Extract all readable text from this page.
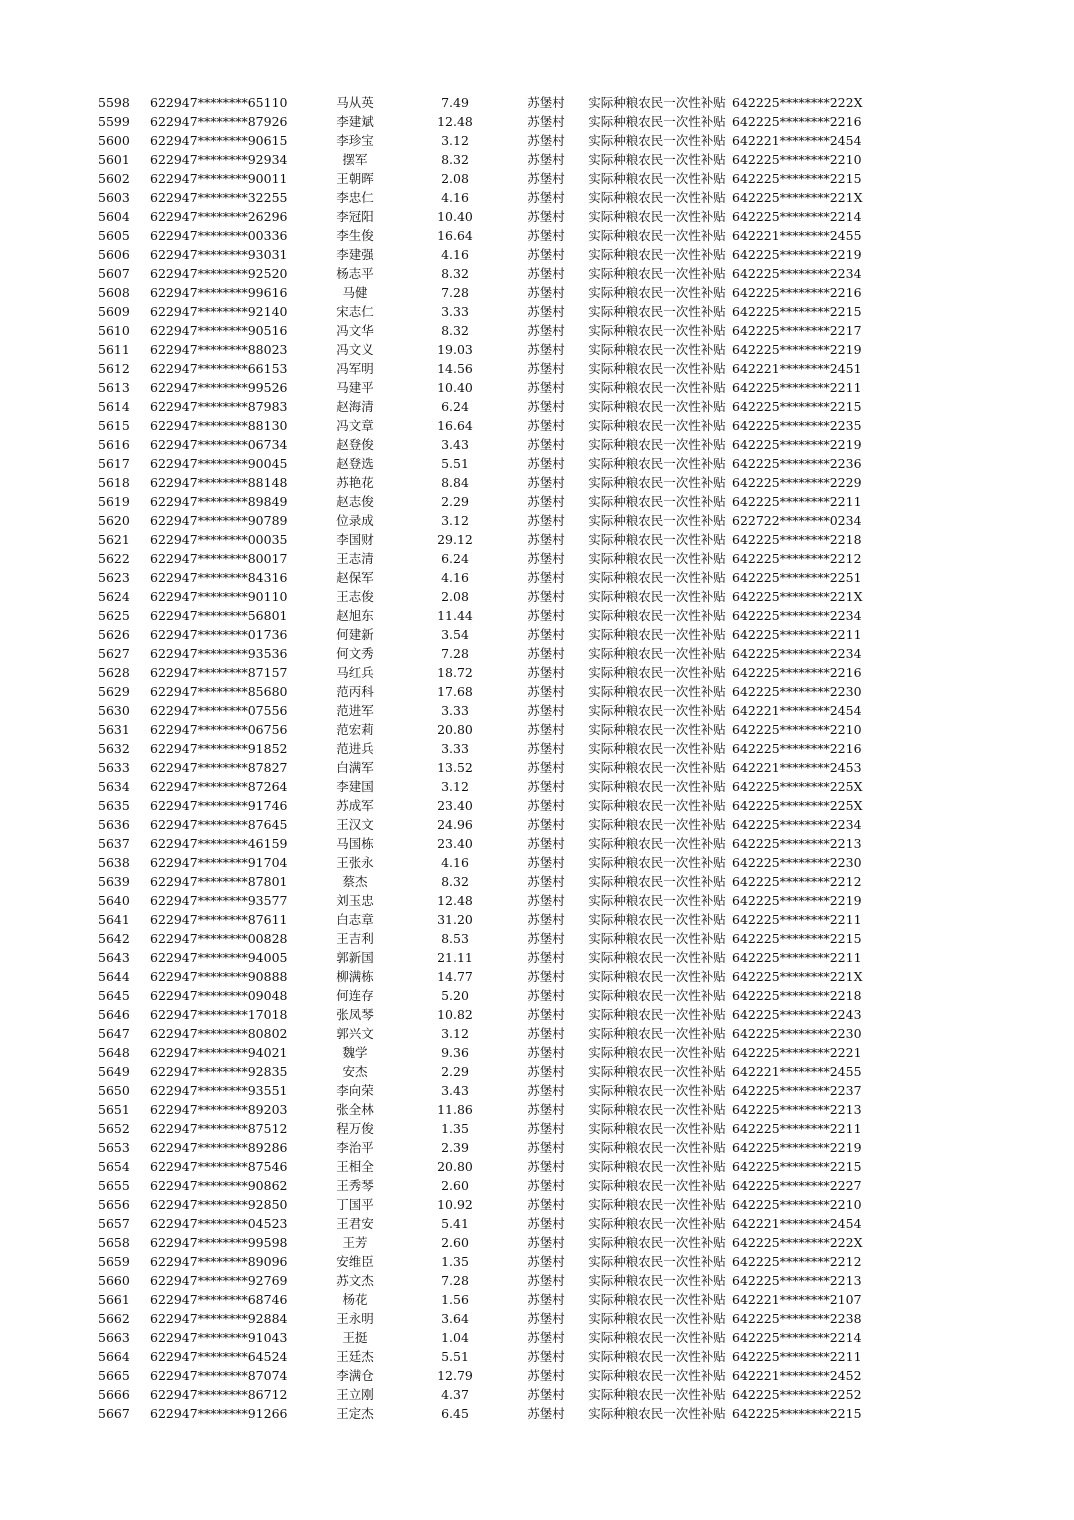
5598	622947********65110	马从英	7.49	苏堡村	实际种粮农民一次性补贴	642225********222X
5599	622947********87926	李建斌	12.48	苏堡村	实际种粮农民一次性补贴	642225********2216
5600	622947********90615	李珍宝	3.12	苏堡村	实际种粮农民一次性补贴	642221********2454
5601	622947********92934	摆军	8.32	苏堡村	实际种粮农民一次性补贴	642225********2210
5602	622947********90011	王朝晖	2.08	苏堡村	实际种粮农民一次性补贴	642225********2215
5603	622947********32255	李忠仁	4.16	苏堡村	实际种粮农民一次性补贴	642225********221X
5604	622947********26296	李冠阳	10.40	苏堡村	实际种粮农民一次性补贴	642225********2214
5605	622947********00336	李生俊	16.64	苏堡村	实际种粮农民一次性补贴	642221********2455
5606	622947********93031	李建强	4.16	苏堡村	实际种粮农民一次性补贴	642225********2219
5607	622947********92520	杨志平	8.32	苏堡村	实际种粮农民一次性补贴	642225********2234
5608	622947********99616	马健	7.28	苏堡村	实际种粮农民一次性补贴	642225********2216
5609	622947********92140	宋志仁	3.33	苏堡村	实际种粮农民一次性补贴	642225********2215
5610	622947********90516	冯文华	8.32	苏堡村	实际种粮农民一次性补贴	642225********2217
5611	622947********88023	冯文义	19.03	苏堡村	实际种粮农民一次性补贴	642225********2219
5612	622947********66153	冯军明	14.56	苏堡村	实际种粮农民一次性补贴	642221********2451
5613	622947********99526	马建平	10.40	苏堡村	实际种粮农民一次性补贴	642225********2211
5614	622947********87983	赵海清	6.24	苏堡村	实际种粮农民一次性补贴	642225********2215
5615	622947********88130	冯文章	16.64	苏堡村	实际种粮农民一次性补贴	642225********2235
5616	622947********06734	赵登俊	3.43	苏堡村	实际种粮农民一次性补贴	642225********2219
5617	622947********90045	赵登选	5.51	苏堡村	实际种粮农民一次性补贴	642225********2236
5618	622947********88148	苏艳花	8.84	苏堡村	实际种粮农民一次性补贴	642225********2229
5619	622947********89849	赵志俊	2.29	苏堡村	实际种粮农民一次性补贴	642225********2211
5620	622947********90789	位录成	3.12	苏堡村	实际种粮农民一次性补贴	622722********0234
5621	622947********00035	李国财	29.12	苏堡村	实际种粮农民一次性补贴	642225********2218
5622	622947********80017	王志清	6.24	苏堡村	实际种粮农民一次性补贴	642225********2212
5623	622947********84316	赵保军	4.16	苏堡村	实际种粮农民一次性补贴	642225********2251
5624	622947********90110	王志俊	2.08	苏堡村	实际种粮农民一次性补贴	642225********221X
5625	622947********56801	赵旭东	11.44	苏堡村	实际种粮农民一次性补贴	642225********2234
5626	622947********01736	何建新	3.54	苏堡村	实际种粮农民一次性补贴	642225********2211
5627	622947********93536	何文秀	7.28	苏堡村	实际种粮农民一次性补贴	642225********2234
5628	622947********87157	马红兵	18.72	苏堡村	实际种粮农民一次性补贴	642225********2216
5629	622947********85680	范丙科	17.68	苏堡村	实际种粮农民一次性补贴	642225********2230
5630	622947********07556	范进军	3.33	苏堡村	实际种粮农民一次性补贴	642221********2454
5631	622947********06756	范宏莉	20.80	苏堡村	实际种粮农民一次性补贴	642225********2210
5632	622947********91852	范进兵	3.33	苏堡村	实际种粮农民一次性补贴	642225********2216
5633	622947********87827	白满军	13.52	苏堡村	实际种粮农民一次性补贴	642221********2453
5634	622947********87264	李建国	3.12	苏堡村	实际种粮农民一次性补贴	642225********225X
5635	622947********91746	苏成军	23.40	苏堡村	实际种粮农民一次性补贴	642225********225X
5636	622947********87645	王汉文	24.96	苏堡村	实际种粮农民一次性补贴	642225********2234
5637	622947********46159	马国栋	23.40	苏堡村	实际种粮农民一次性补贴	642225********2213
5638	622947********91704	王张永	4.16	苏堡村	实际种粮农民一次性补贴	642225********2230
5639	622947********87801	蔡杰	8.32	苏堡村	实际种粮农民一次性补贴	642225********2212
5640	622947********93577	刘玉忠	12.48	苏堡村	实际种粮农民一次性补贴	642225********2219
5641	622947********87611	白志章	31.20	苏堡村	实际种粮农民一次性补贴	642225********2211
5642	622947********00828	王吉利	8.53	苏堡村	实际种粮农民一次性补贴	642225********2215
5643	622947********94005	郭新国	21.11	苏堡村	实际种粮农民一次性补贴	642225********2211
5644	622947********90888	柳满栋	14.77	苏堡村	实际种粮农民一次性补贴	642225********221X
5645	622947********09048	何连存	5.20	苏堡村	实际种粮农民一次性补贴	642225********2218
5646	622947********17018	张凤琴	10.82	苏堡村	实际种粮农民一次性补贴	642225********2243
5647	622947********80802	郭兴文	3.12	苏堡村	实际种粮农民一次性补贴	642225********2230
5648	622947********94021	魏学	9.36	苏堡村	实际种粮农民一次性补贴	642225********2221
5649	622947********92835	安杰	2.29	苏堡村	实际种粮农民一次性补贴	642221********2455
5650	622947********93551	李向荣	3.43	苏堡村	实际种粮农民一次性补贴	642225********2237
5651	622947********89203	张全林	11.86	苏堡村	实际种粮农民一次性补贴	642225********2213
5652	622947********87512	程万俊	1.35	苏堡村	实际种粮农民一次性补贴	642225********2211
5653	622947********89286	李治平	2.39	苏堡村	实际种粮农民一次性补贴	642225********2219
5654	622947********87546	王相全	20.80	苏堡村	实际种粮农民一次性补贴	642225********2215
5655	622947********90862	王秀琴	2.60	苏堡村	实际种粮农民一次性补贴	642225********2227
5656	622947********92850	丁国平	10.92	苏堡村	实际种粮农民一次性补贴	642225********2210
5657	622947********04523	王君安	5.41	苏堡村	实际种粮农民一次性补贴	642221********2454
5658	622947********99598	王芳	2.60	苏堡村	实际种粮农民一次性补贴	642225********222X
5659	622947********89096	安维臣	1.35	苏堡村	实际种粮农民一次性补贴	642225********2212
5660	622947********92769	苏文杰	7.28	苏堡村	实际种粮农民一次性补贴	642225********2213
5661	622947********68746	杨花	1.56	苏堡村	实际种粮农民一次性补贴	642221********2107
5662	622947********92884	王永明	3.64	苏堡村	实际种粮农民一次性补贴	642225********2238
5663	622947********91043	王挺	1.04	苏堡村	实际种粮农民一次性补贴	642225********2214
5664	622947********64524	王廷杰	5.51	苏堡村	实际种粮农民一次性补贴	642225********2211
5665	622947********87074	李满仓	12.79	苏堡村	实际种粮农民一次性补贴	642221********2452
5666	622947********86712	王立刚	4.37	苏堡村	实际种粮农民一次性补贴	642225********2252
5667	622947********91266	王定杰	6.45	苏堡村	实际种粮农民一次性补贴	642225********2215
